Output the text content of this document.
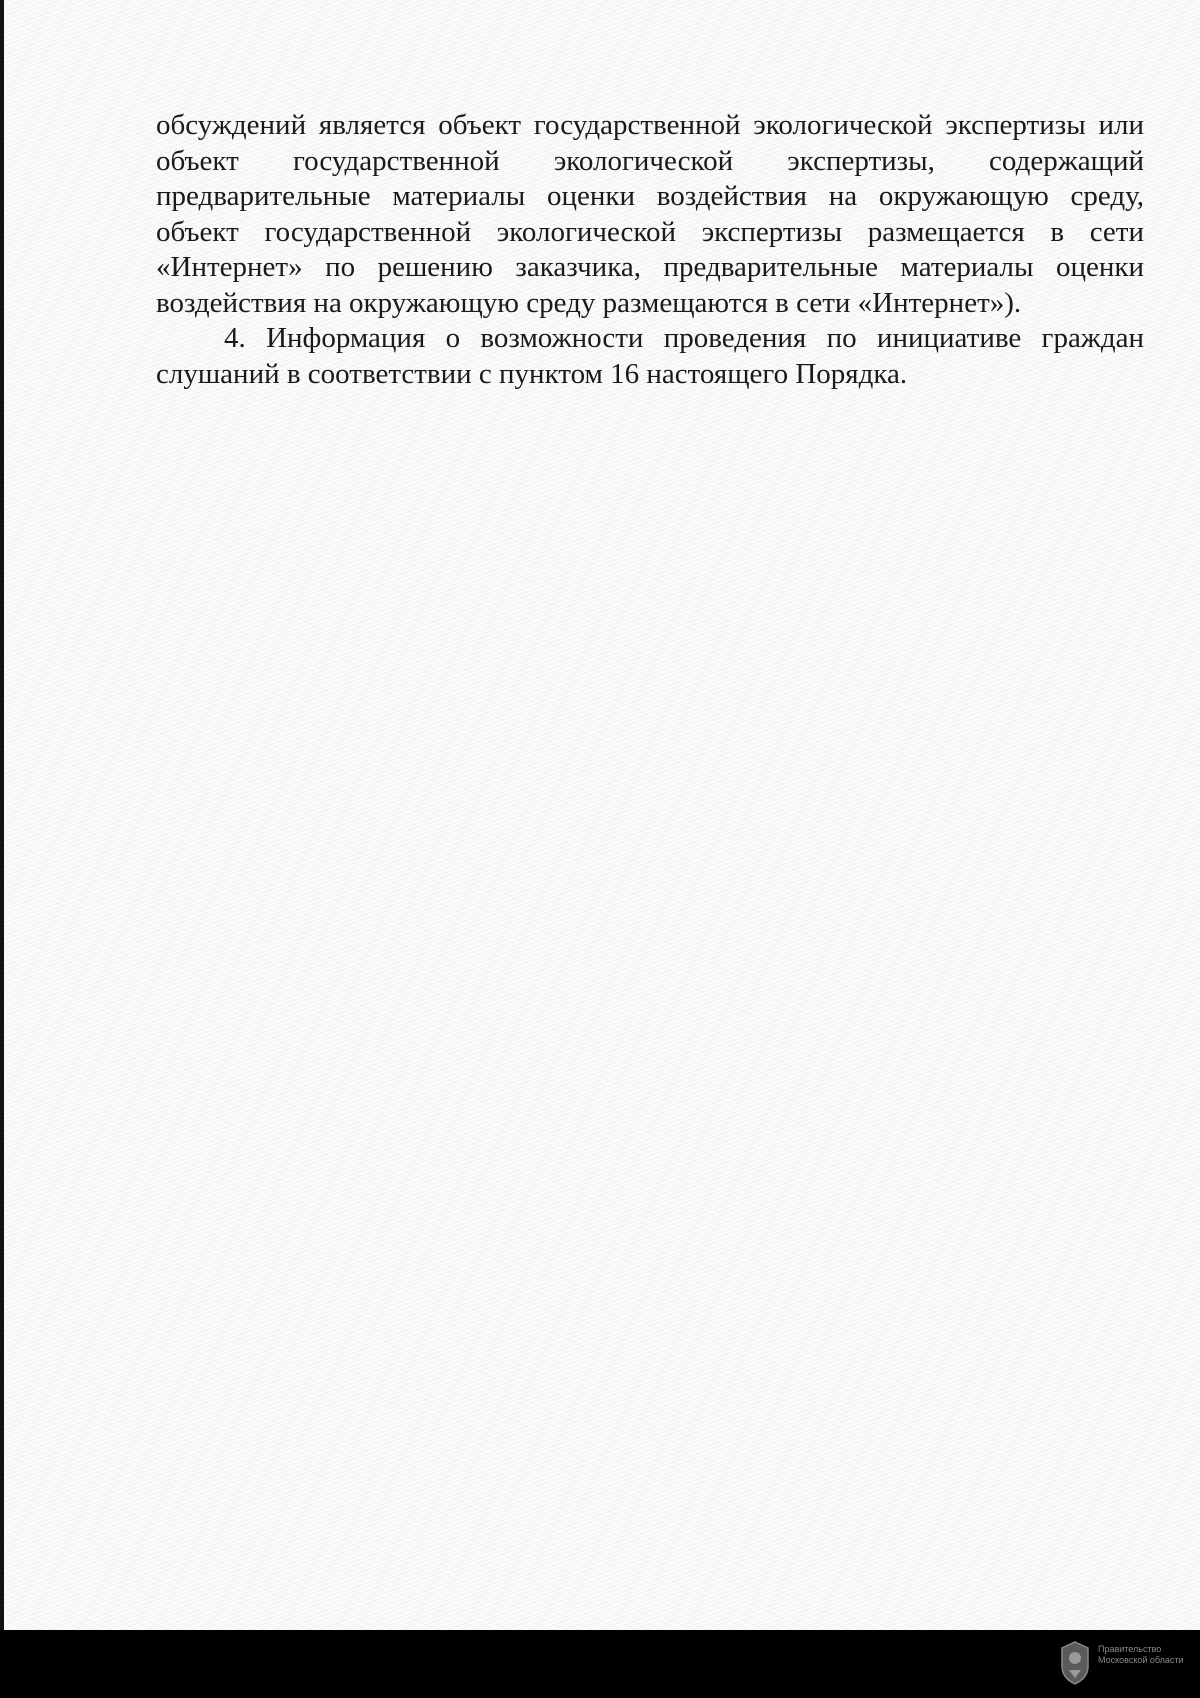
обсуждений является объект государственной экологической экспертизы или объект государственной экологической экспертизы, содержащий предварительные материалы оценки воздействия на окружающую среду, объект государственной экологической экспертизы размещается в сети «Интернет» по решению заказчика, предварительные материалы оценки воздействия на окружающую среду размещаются в сети «Интернет»).

4. Информация о возможности проведения по инициативе граждан слушаний в соответствии с пунктом 16 настоящего Порядка.

Правительство
Московской области
